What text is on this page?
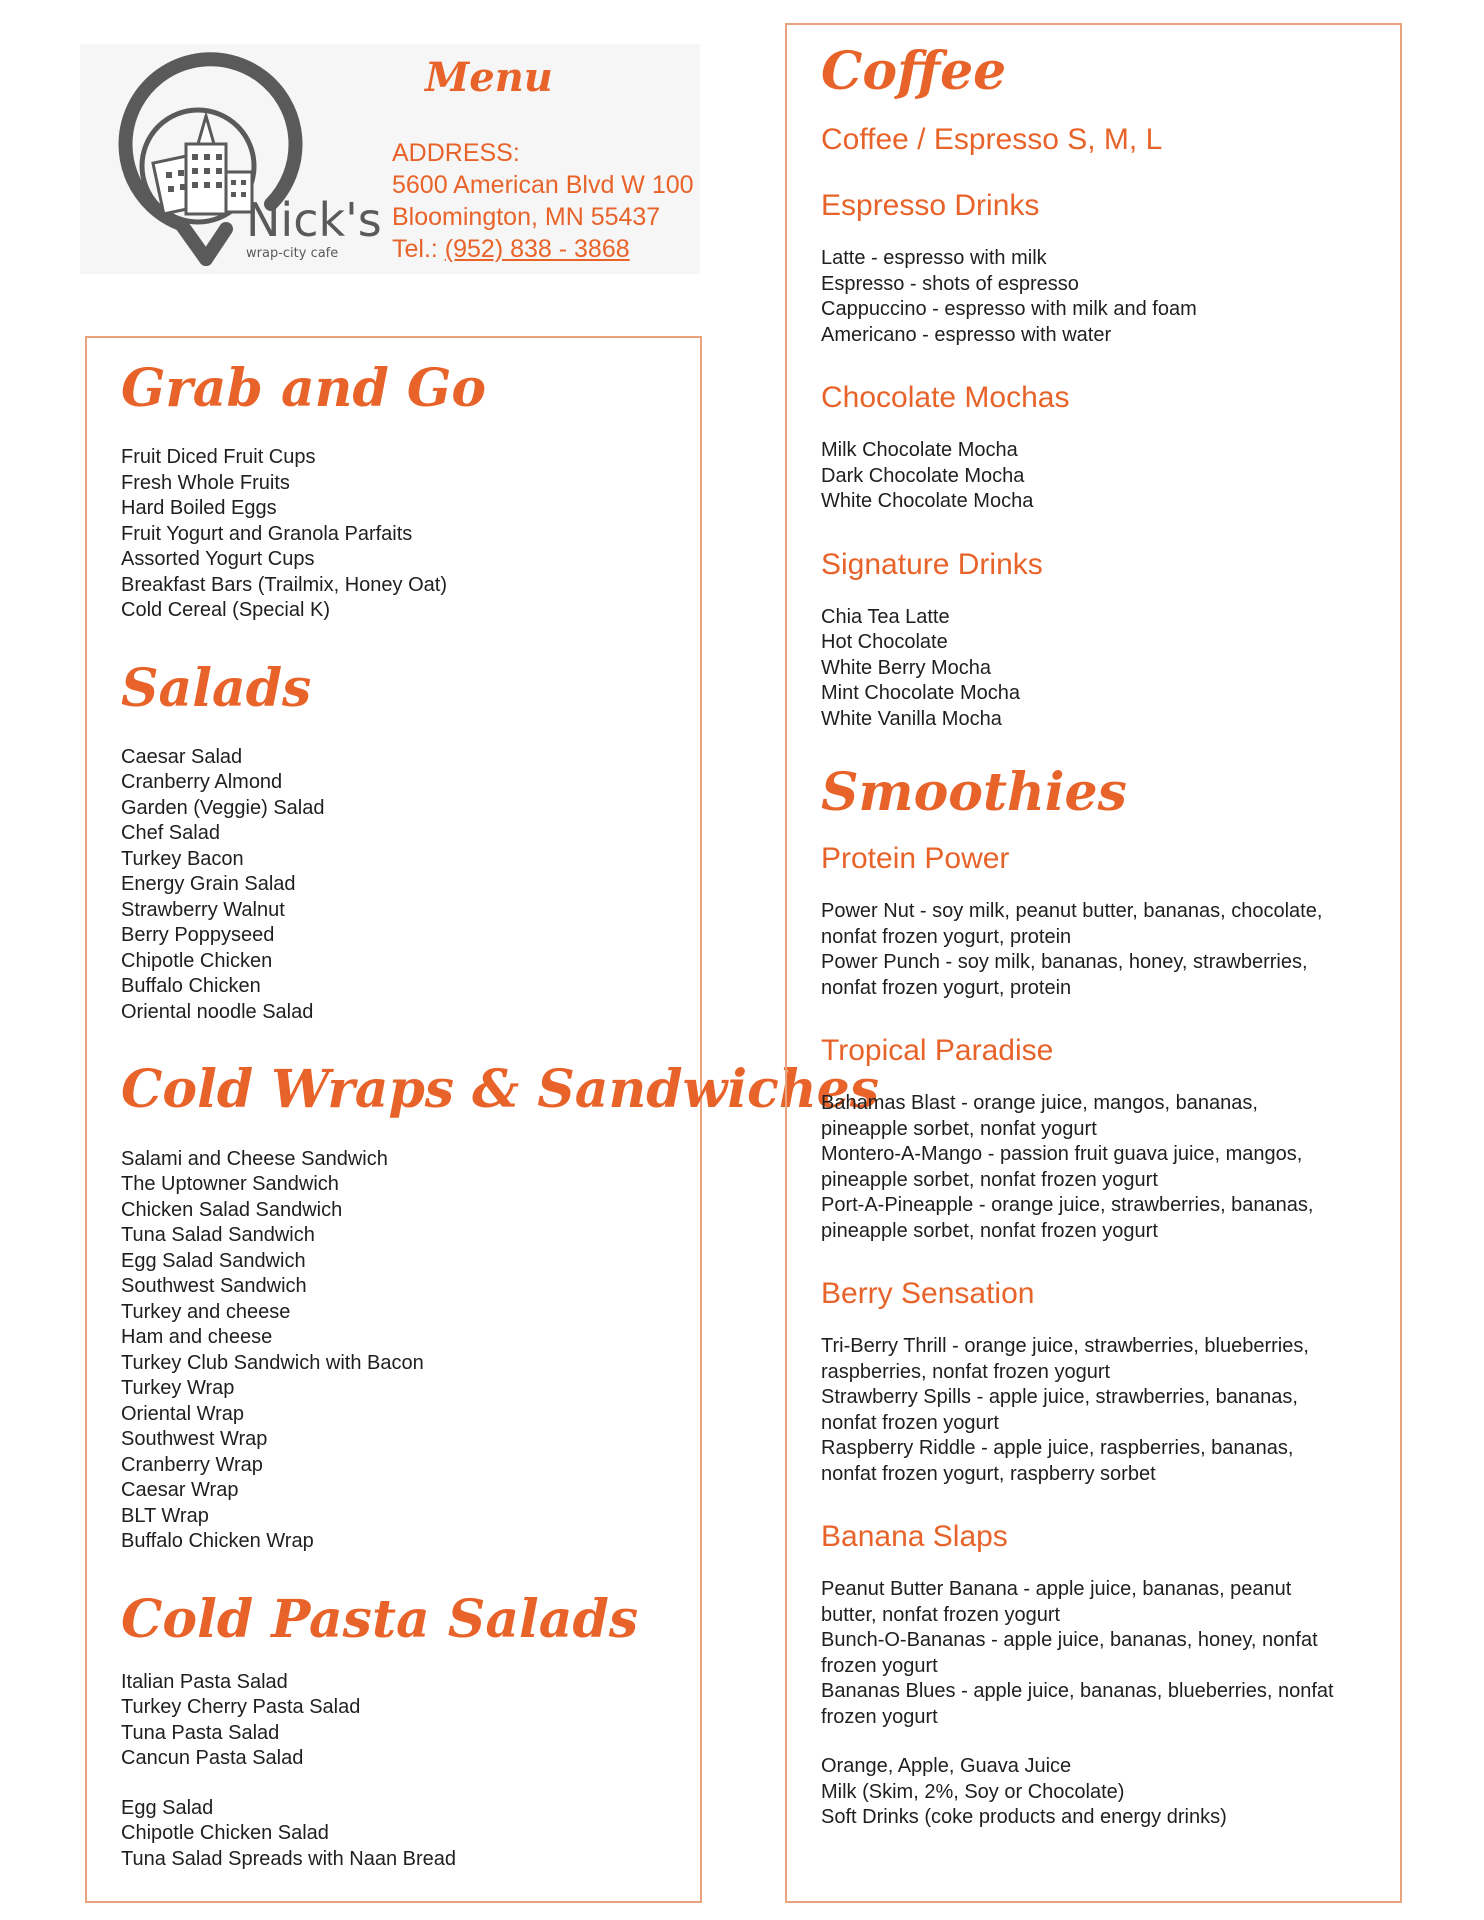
Nick's
wrap-city cafe
Menu
ADDRESS:
5600 American Blvd W 100
Bloomington, MN 55437
Tel.: (952) 838 - 3868
Grab and Go
Fruit Diced Fruit Cups
Fresh Whole Fruits
Hard Boiled Eggs
Fruit Yogurt and Granola Parfaits
Assorted Yogurt Cups
Breakfast Bars (Trailmix, Honey Oat)
Cold Cereal (Special K)
Salads
Caesar Salad
Cranberry Almond
Garden (Veggie) Salad
Chef Salad
Turkey Bacon
Energy Grain Salad
Strawberry Walnut
Berry Poppyseed
Chipotle Chicken
Buffalo Chicken
Oriental noodle Salad
Cold Wraps & Sandwiches
Salami and Cheese Sandwich
The Uptowner Sandwich
Chicken Salad Sandwich
Tuna Salad Sandwich
Egg Salad Sandwich
Southwest Sandwich
Turkey and cheese
Ham and cheese
Turkey Club Sandwich with Bacon
Turkey Wrap
Oriental Wrap
Southwest Wrap
Cranberry Wrap
Caesar Wrap
BLT Wrap
Buffalo Chicken Wrap
Cold Pasta Salads
Italian Pasta Salad
Turkey Cherry Pasta Salad
Tuna Pasta Salad
Cancun Pasta Salad
Egg Salad
Chipotle Chicken Salad
Tuna Salad Spreads with Naan Bread
Coffee
Coffee / Espresso S, M, L
Espresso Drinks
Latte - espresso with milk
Espresso - shots of espresso
Cappuccino - espresso with milk and foam
Americano - espresso with water
Chocolate Mochas
Milk Chocolate Mocha
Dark Chocolate Mocha
White Chocolate Mocha
Signature Drinks
Chia Tea Latte
Hot Chocolate
White Berry Mocha
Mint Chocolate Mocha
White Vanilla Mocha
Smoothies
Protein Power
Power Nut - soy milk, peanut butter, bananas, chocolate,
nonfat frozen yogurt, protein
Power Punch - soy milk, bananas, honey, strawberries,
nonfat frozen yogurt, protein
Tropical Paradise
Bahamas Blast - orange juice, mangos, bananas,
pineapple sorbet, nonfat yogurt
Montero-A-Mango - passion fruit guava juice, mangos,
pineapple sorbet, nonfat frozen yogurt
Port-A-Pineapple - orange juice, strawberries, bananas,
pineapple sorbet, nonfat frozen yogurt
Berry Sensation
Tri-Berry Thrill - orange juice, strawberries, blueberries,
raspberries, nonfat frozen yogurt
Strawberry Spills - apple juice, strawberries, bananas,
nonfat frozen yogurt
Raspberry Riddle - apple juice, raspberries, bananas,
nonfat frozen yogurt, raspberry sorbet
Banana Slaps
Peanut Butter Banana - apple juice, bananas, peanut
butter, nonfat frozen yogurt
Bunch-O-Bananas - apple juice, bananas, honey, nonfat
frozen yogurt
Bananas Blues - apple juice, bananas, blueberries, nonfat
frozen yogurt
Orange, Apple, Guava Juice
Milk (Skim, 2%, Soy or Chocolate)
Soft Drinks (coke products and energy drinks)
